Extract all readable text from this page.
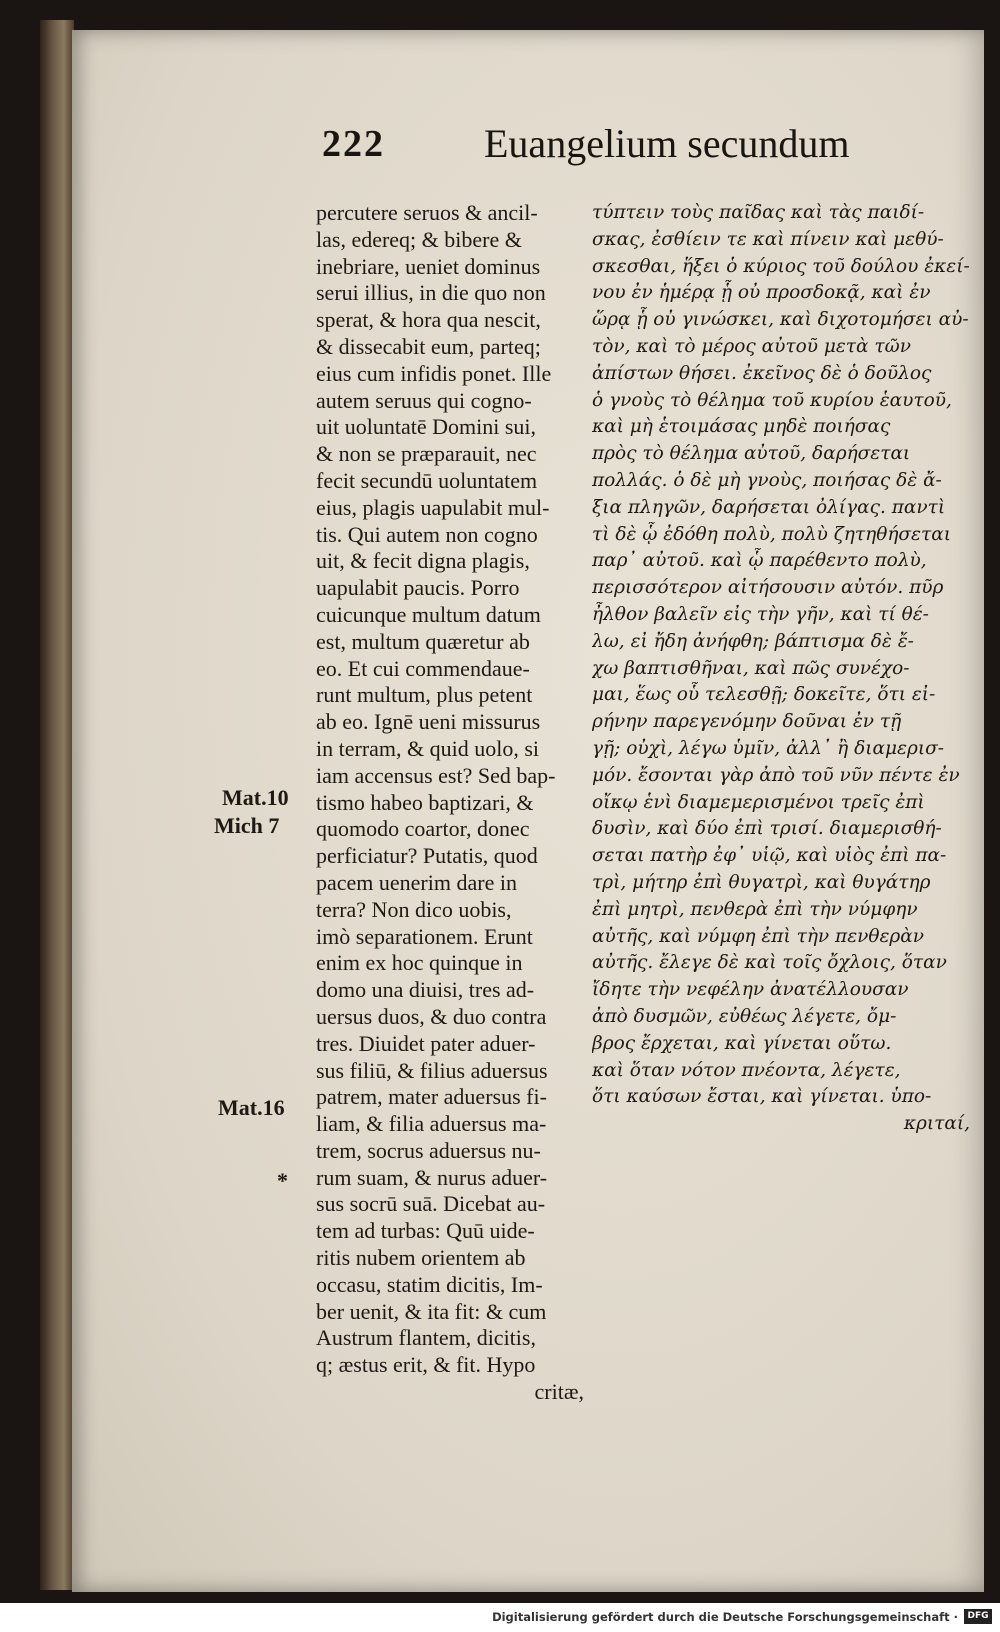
222 Euangelium secundum
Mat.10
Mich 7
Mat.16
*
percutere seruos & ancil-
las, edereq; & bibere &
inebriare, ueniet dominus
serui illius, in die quo non
sperat, & hora qua nescit,
& dissecabit eum, parteq;
eius cum infidis ponet. Ille
autem seruus qui cogno-
uit uoluntatē Domini sui,
& non se præparauit, nec
fecit secundū uoluntatem
eius, plagis uapulabit mul-
tis. Qui autem non cogno
uit, & fecit digna plagis,
uapulabit paucis. Porro
cuicunque multum datum
est, multum quæretur ab
eo. Et cui commendaue-
runt multum, plus petent
ab eo. Ignē ueni missurus
in terram, & quid uolo, si
iam accensus est? Sed bap-
tismo habeo baptizari, &
quomodo coartor, donec
perficiatur? Putatis, quod
pacem uenerim dare in
terra? Non dico uobis,
imò separationem. Erunt
enim ex hoc quinque in
domo una diuisi, tres ad-
uersus duos, & duo contra
tres. Diuidet pater aduer-
sus filiū, & filius aduersus
patrem, mater aduersus fi-
liam, & filia aduersus ma-
trem, socrus aduersus nu-
rum suam, & nurus aduer-
sus socrū suā. Dicebat au-
tem ad turbas: Quū uide-
ritis nubem orientem ab
occasu, statim dicitis, Im-
ber uenit, & ita fit: & cum
Austrum flantem, dicitis,
q; æstus erit, & fit. Hypo
critæ,
τύπτειν τοὺς παῖδας καὶ τὰς παιδί-
σκας, ἐσθίειν τε καὶ πίνειν καὶ μεθύ-
σκεσθαι, ἥξει ὁ κύριος τοῦ δούλου ἐκεί-
νου ἐν ἡμέρᾳ ᾗ οὐ προσδοκᾷ, καὶ ἐν
ὥρᾳ ᾗ οὐ γινώσκει, καὶ διχοτομήσει αὐ-
τὸν, καὶ τὸ μέρος αὐτοῦ μετὰ τῶν
ἀπίστων θήσει. ἐκεῖνος δὲ ὁ δοῦλος
ὁ γνοὺς τὸ θέλημα τοῦ κυρίου ἑαυτοῦ,
καὶ μὴ ἑτοιμάσας μηδὲ ποιήσας
πρὸς τὸ θέλημα αὐτοῦ, δαρήσεται
πολλάς. ὁ δὲ μὴ γνοὺς, ποιήσας δὲ ἄ-
ξια πληγῶν, δαρήσεται ὀλίγας. παντὶ
τὶ δὲ ᾧ ἐδόθη πολὺ, πολὺ ζητηθήσεται
παρ᾽ αὐτοῦ. καὶ ᾧ παρέθεντο πολὺ,
περισσότερον αἰτήσουσιν αὐτόν. πῦρ
ἦλθον βαλεῖν εἰς τὴν γῆν, καὶ τί θέ-
λω, εἰ ἤδη ἀνήφθη; βάπτισμα δὲ ἔ-
χω βαπτισθῆναι, καὶ πῶς συνέχο-
μαι, ἕως οὗ τελεσθῇ; δοκεῖτε, ὅτι εἰ-
ρήνην παρεγενόμην δοῦναι ἐν τῇ
γῇ; οὐχὶ, λέγω ὑμῖν, ἀλλ᾽ ἢ διαμερισ-
μόν. ἔσονται γὰρ ἀπὸ τοῦ νῦν πέντε ἐν
οἴκῳ ἑνὶ διαμεμερισμένοι τρεῖς ἐπὶ
δυσὶν, καὶ δύο ἐπὶ τρισί. διαμερισθή-
σεται πατὴρ ἐφ᾽ υἱῷ, καὶ υἱὸς ἐπὶ πα-
τρὶ, μήτηρ ἐπὶ θυγατρὶ, καὶ θυγάτηρ
ἐπὶ μητρὶ, πενθερὰ ἐπὶ τὴν νύμφην
αὐτῆς, καὶ νύμφη ἐπὶ τὴν πενθερὰν
αὐτῆς. ἔλεγε δὲ καὶ τοῖς ὄχλοις, ὅταν
ἴδητε τὴν νεφέλην ἀνατέλλουσαν
ἀπὸ δυσμῶν, εὐθέως λέγετε, ὄμ-
βρος ἔρχεται, καὶ γίνεται οὕτω.
καὶ ὅταν νότον πνέοντα, λέγετε,
ὅτι καύσων ἔσται, καὶ γίνεται. ὑπο-
κριταί,
Digitalisierung gefördert durch die Deutsche Forschungsgemeinschaft ·	DFG
